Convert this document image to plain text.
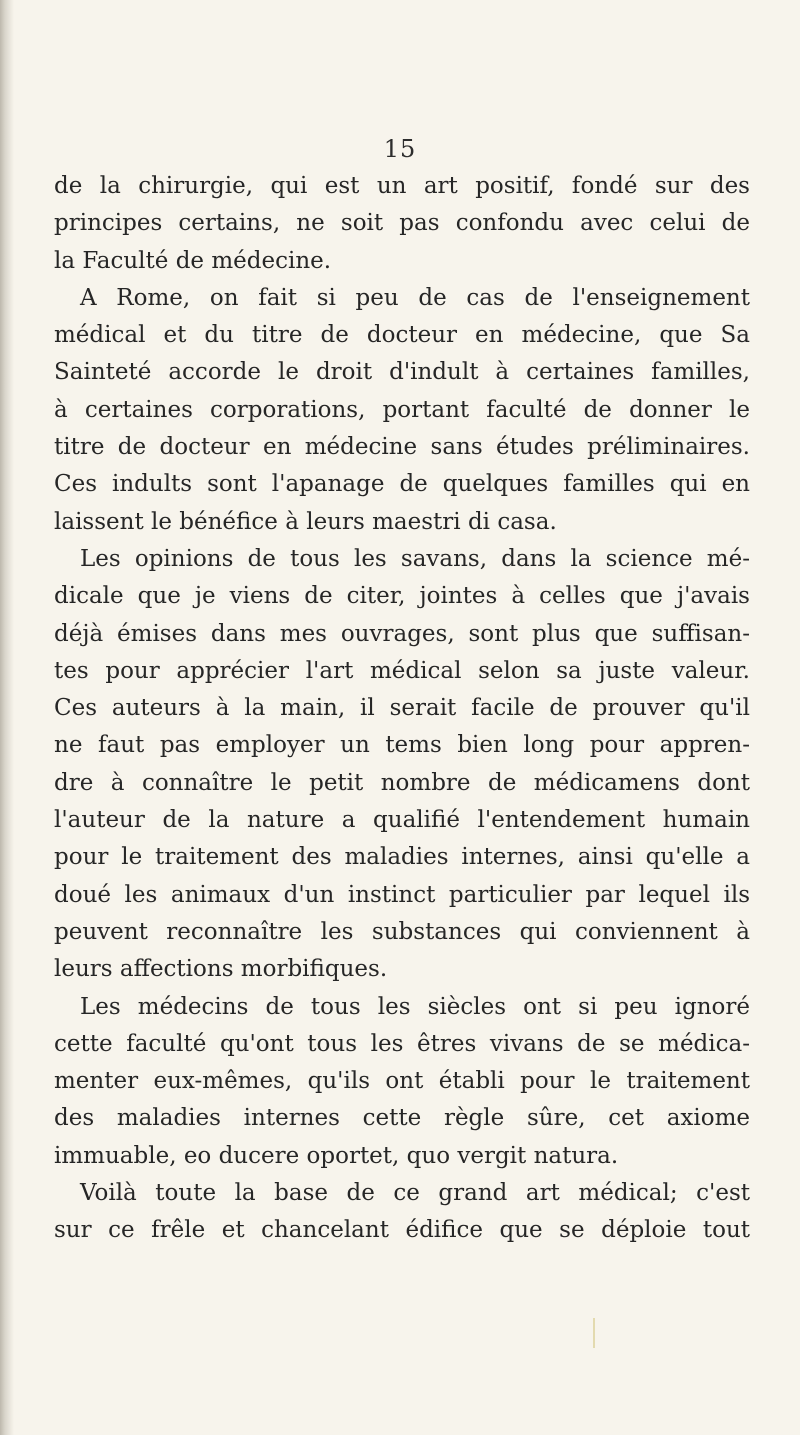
15
de la chirurgie, qui est un art positif, fondé sur des
principes certains, ne soit pas confondu avec celui de
la Faculté de médecine.
A Rome, on fait si peu de cas de l'enseignement
médical et du titre de docteur en médecine, que Sa
Sainteté accorde le droit d'indult à certaines familles,
à certaines corporations, portant faculté de donner le
titre de docteur en médecine sans études préliminaires.
Ces indults sont l'apanage de quelques familles qui en
laissent le bénéfice à leurs maestri di casa.
Les opinions de tous les savans, dans la science mé-
dicale que je viens de citer, jointes à celles que j'avais
déjà émises dans mes ouvrages, sont plus que suffisan-
tes pour apprécier l'art médical selon sa juste valeur.
Ces auteurs à la main, il serait facile de prouver qu'il
ne faut pas employer un tems bien long pour appren-
dre à connaître le petit nombre de médicamens dont
l'auteur de la nature a qualifié l'entendement humain
pour le traitement des maladies internes, ainsi qu'elle a
doué les animaux d'un instinct particulier par lequel ils
peuvent reconnaître les substances qui conviennent à
leurs affections morbifiques.
Les médecins de tous les siècles ont si peu ignoré
cette faculté qu'ont tous les êtres vivans de se médica-
menter eux-mêmes, qu'ils ont établi pour le traitement
des maladies internes cette règle sûre, cet axiome
immuable, eo ducere oportet, quo vergit natura.
Voilà toute la base de ce grand art médical; c'est
sur ce frêle et chancelant édifice que se déploie tout
